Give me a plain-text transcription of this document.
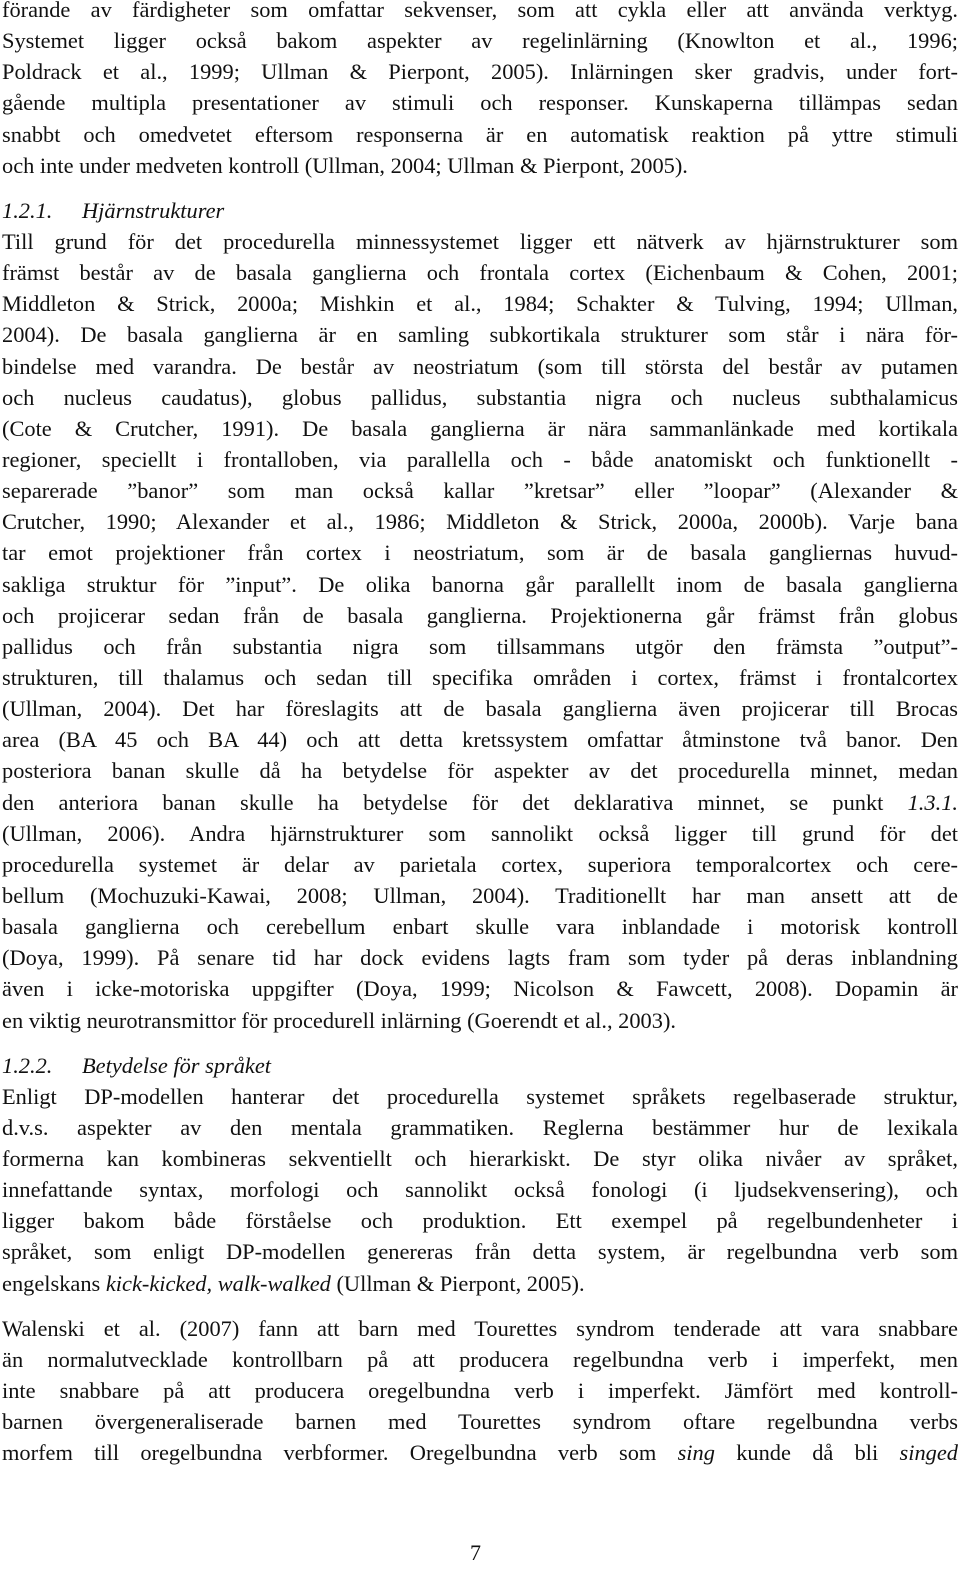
förande av färdigheter som omfattar sekvenser, som att cykla eller att använda verktyg.
Systemet ligger också bakom aspekter av regelinlärning (Knowlton et al., 1996;
Poldrack et al., 1999; Ullman & Pierpont, 2005). Inlärningen sker gradvis, under fort-
gående multipla presentationer av stimuli och responser. Kunskaperna tillämpas sedan
snabbt och omedvetet eftersom responserna är en automatisk reaktion på yttre stimuli
och inte under medveten kontroll (Ullman, 2004; Ullman & Pierpont, 2005).
1.2.1. Hjärnstrukturer
Till grund för det procedurella minnessystemet ligger ett nätverk av hjärnstrukturer som
främst består av de basala ganglierna och frontala cortex (Eichenbaum & Cohen, 2001;
Middleton & Strick, 2000a; Mishkin et al., 1984; Schakter & Tulving, 1994; Ullman,
2004). De basala ganglierna är en samling subkortikala strukturer som står i nära för-
bindelse med varandra. De består av neostriatum (som till största del består av putamen
och nucleus caudatus), globus pallidus, substantia nigra och nucleus subthalamicus
(Cote & Crutcher, 1991). De basala ganglierna är nära sammanlänkade med kortikala
regioner, speciellt i frontalloben, via parallella och - både anatomiskt och funktionellt -
separerade ”banor” som man också kallar ”kretsar” eller ”loopar” (Alexander &
Crutcher, 1990; Alexander et al., 1986; Middleton & Strick, 2000a, 2000b). Varje bana
tar emot projektioner från cortex i neostriatum, som är de basala gangliernas huvud-
sakliga struktur för ”input”. De olika banorna går parallellt inom de basala ganglierna
och projicerar sedan från de basala ganglierna. Projektionerna går främst från globus
pallidus och från substantia nigra som tillsammans utgör den främsta ”output”-
strukturen, till thalamus och sedan till specifika områden i cortex, främst i frontalcortex
(Ullman, 2004). Det har föreslagits att de basala ganglierna även projicerar till Brocas
area (BA 45 och BA 44) och att detta kretssystem omfattar åtminstone två banor. Den
posteriora banan skulle då ha betydelse för aspekter av det procedurella minnet, medan
den anteriora banan skulle ha betydelse för det deklarativa minnet, se punkt 1.3.1.
(Ullman, 2006). Andra hjärnstrukturer som sannolikt också ligger till grund för det
procedurella systemet är delar av parietala cortex, superiora temporalcortex och cere-
bellum (Mochuzuki-Kawai, 2008; Ullman, 2004). Traditionellt har man ansett att de
basala ganglierna och cerebellum enbart skulle vara inblandade i motorisk kontroll
(Doya, 1999). På senare tid har dock evidens lagts fram som tyder på deras inblandning
även i icke-motoriska uppgifter (Doya, 1999; Nicolson & Fawcett, 2008). Dopamin är
en viktig neurotransmittor för procedurell inlärning (Goerendt et al., 2003).
1.2.2. Betydelse för språket
Enligt DP-modellen hanterar det procedurella systemet språkets regelbaserade struktur,
d.v.s. aspekter av den mentala grammatiken. Reglerna bestämmer hur de lexikala
formerna kan kombineras sekventiellt och hierarkiskt. De styr olika nivåer av språket,
innefattande syntax, morfologi och sannolikt också fonologi (i ljudsekvensering), och
ligger bakom både förståelse och produktion. Ett exempel på regelbundenheter i
språket, som enligt DP-modellen genereras från detta system, är regelbundna verb som
engelskans kick-kicked, walk-walked (Ullman & Pierpont, 2005).
Walenski et al. (2007) fann att barn med Tourettes syndrom tenderade att vara snabbare
än normalutvecklade kontrollbarn på att producera regelbundna verb i imperfekt, men
inte snabbare på att producera oregelbundna verb i imperfekt. Jämfört med kontroll-
barnen övergeneraliserade barnen med Tourettes syndrom oftare regelbundna verbs
morfem till oregelbundna verbformer. Oregelbundna verb som sing kunde då bli singed
7
